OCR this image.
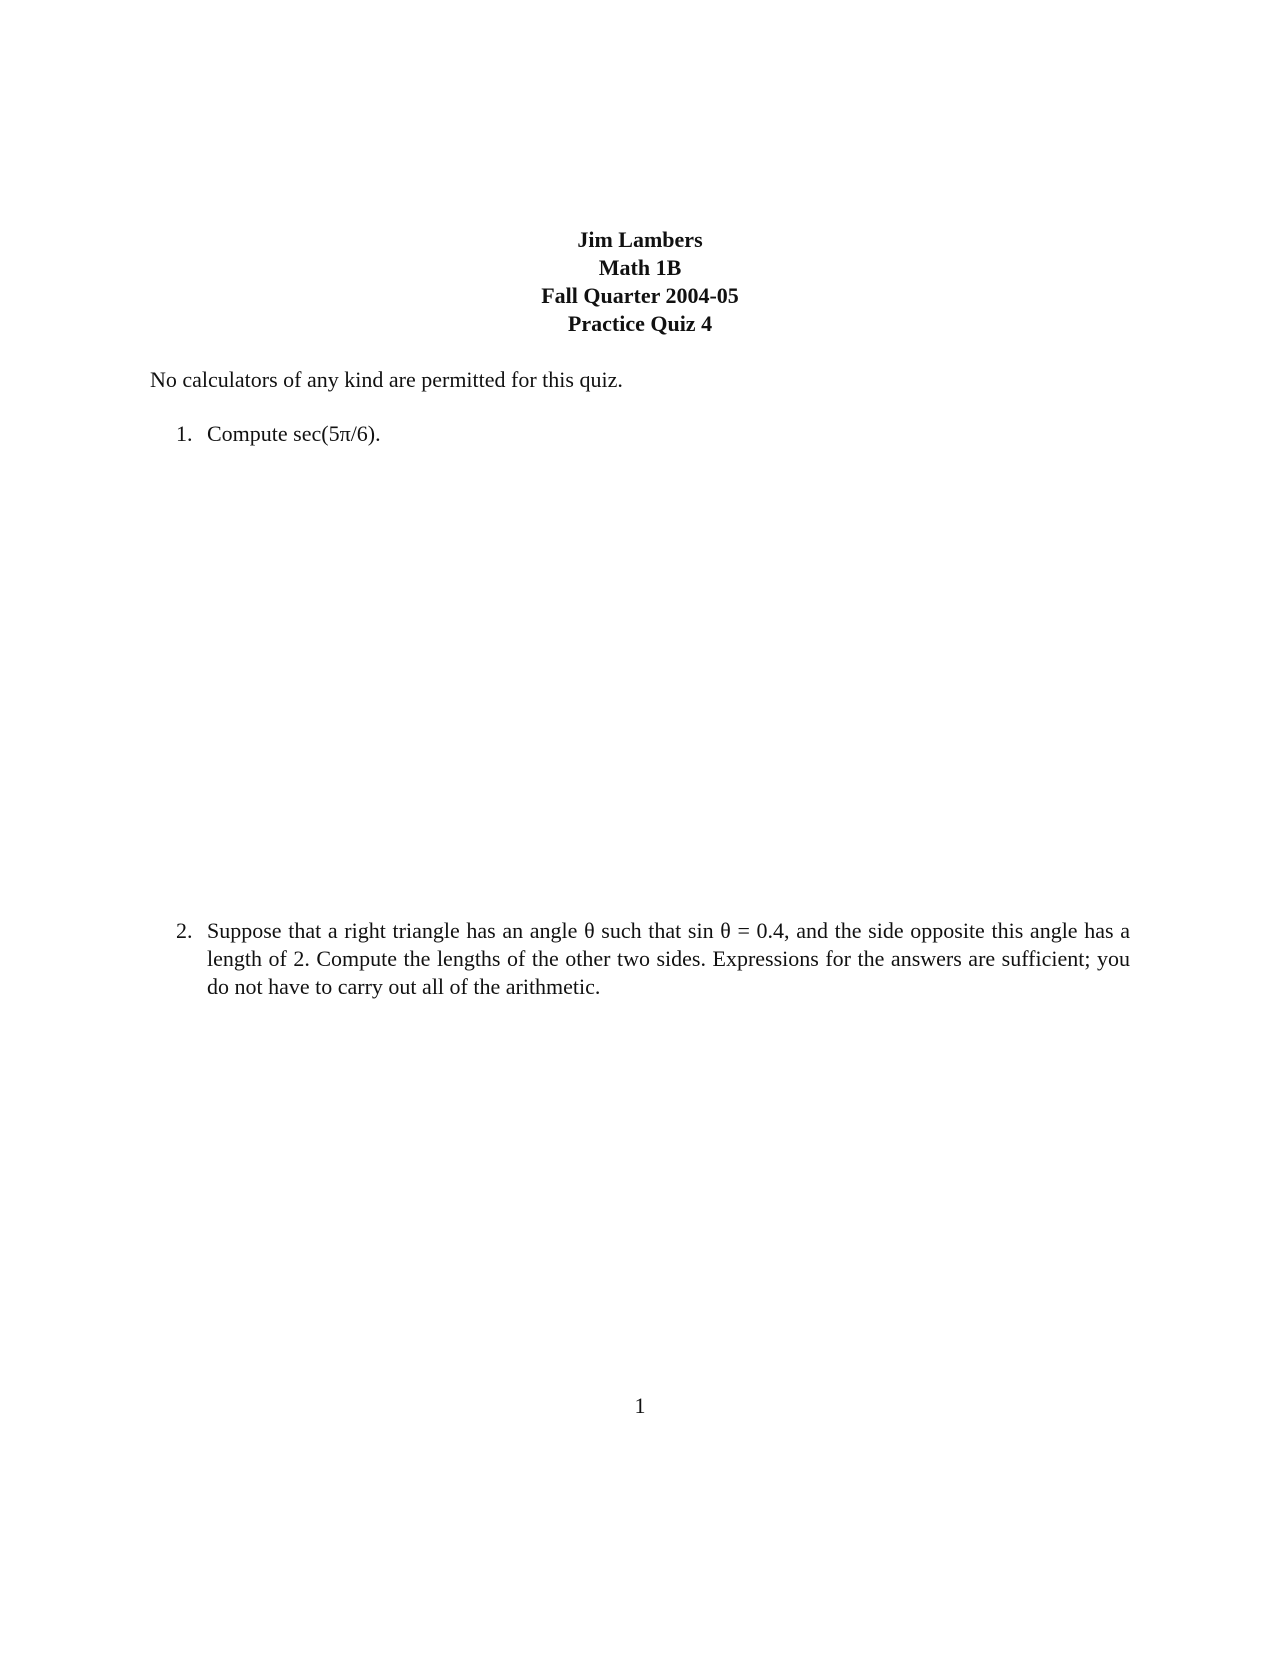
Jim Lambers
Math 1B
Fall Quarter 2004-05
Practice Quiz 4
No calculators of any kind are permitted for this quiz.
1. Compute sec(5π/6).
2. Suppose that a right triangle has an angle θ such that sin θ = 0.4, and the side opposite this angle has a length of 2. Compute the lengths of the other two sides. Expressions for the answers are sufficient; you do not have to carry out all of the arithmetic.
1
